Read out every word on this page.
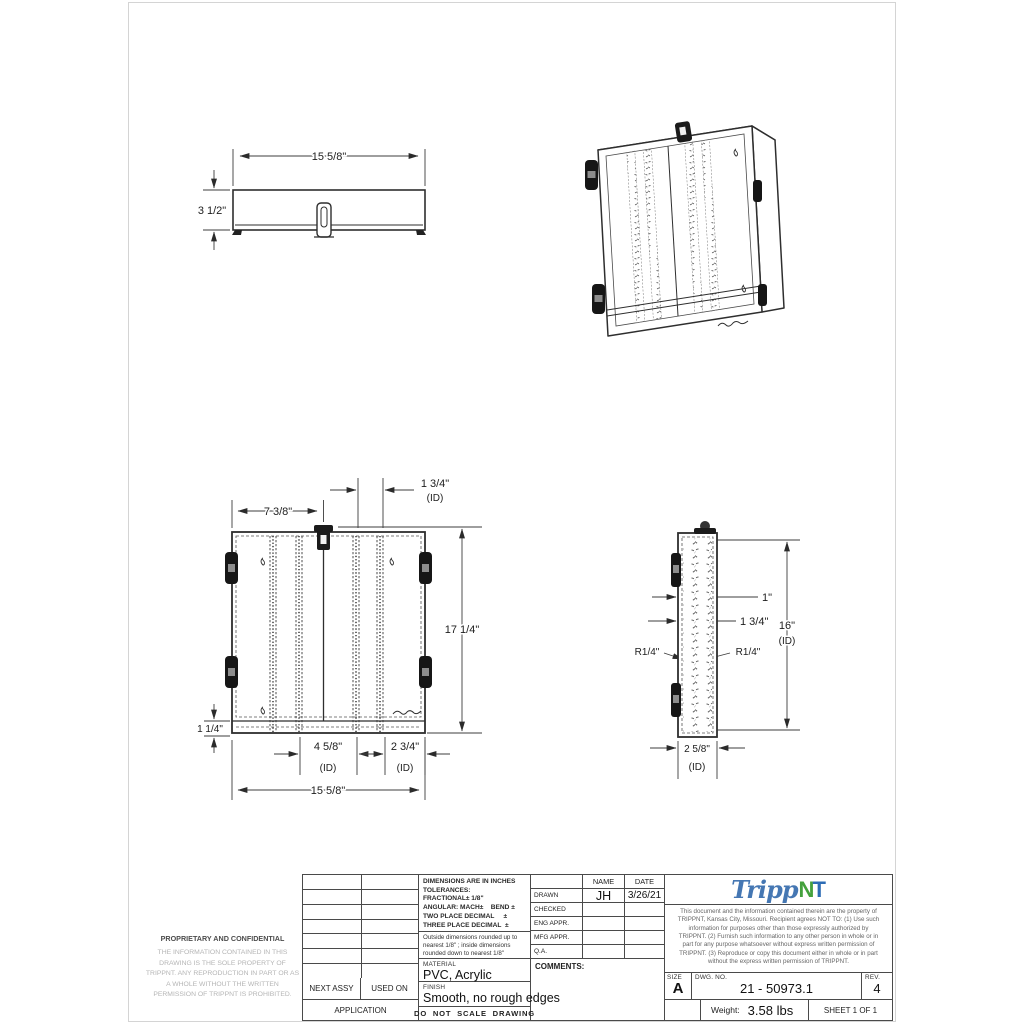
15 5/8"
3 1/2"
7 3/8"
1 3/4"
(ID)
17 1/4"
1 1/4"
4 5/8"
(ID)
2 3/4"
(ID)
15 5/8"
1"
1 3/4"
R1/4"	R1/4"
16"
(ID)
2 5/8"
(ID)
PROPRIETARY AND CONFIDENTIAL
THE INFORMATION CONTAINED IN THIS DRAWING IS THE SOLE PROPERTY OF TRIPPNT. ANY REPRODUCTION IN PART OR AS A WHOLE WITHOUT THE WRITTEN PERMISSION OF TRIPPNT IS PROHIBITED.
NEXT ASSY	USED ON
APPLICATION
DIMENSIONS ARE IN INCHES
TOLERANCES:
FRACTIONAL± 1/8"
ANGULAR: MACH±    BEND ±
TWO PLACE DECIMAL     ±
THREE PLACE DECIMAL  ±
Outside dimensions rounded up to nearest 1/8" ; inside dimensions rounded down to nearest 1/8"
MATERIAL
PVC, Acrylic
FINISH
Smooth, no rough edges
DO  NOT  SCALE  DRAWING
NAME	DATE
DRAWN	JH	3/26/21
CHECKED
ENG APPR.
MFG APPR.
Q.A.
COMMENTS:
Tripp N
T
This document and the information contained therein are the property of TRIPPNT, Kansas City, Missouri. Recipient agrees NOT TO: (1) Use such information for purposes other than those expressly authorized by TRIPPNT. (2) Furnish such information to any other person in whole or in part for any purpose whatsoever without express written permission of TRIPPNT. (3) Reproduce or copy this document either in whole or in part without the express written permission of TRIPPNT.
SIZE
A
DWG. NO.
21 - 50973.1
REV.
4
Weight: 3.58 lbs	SHEET 1 OF 1
